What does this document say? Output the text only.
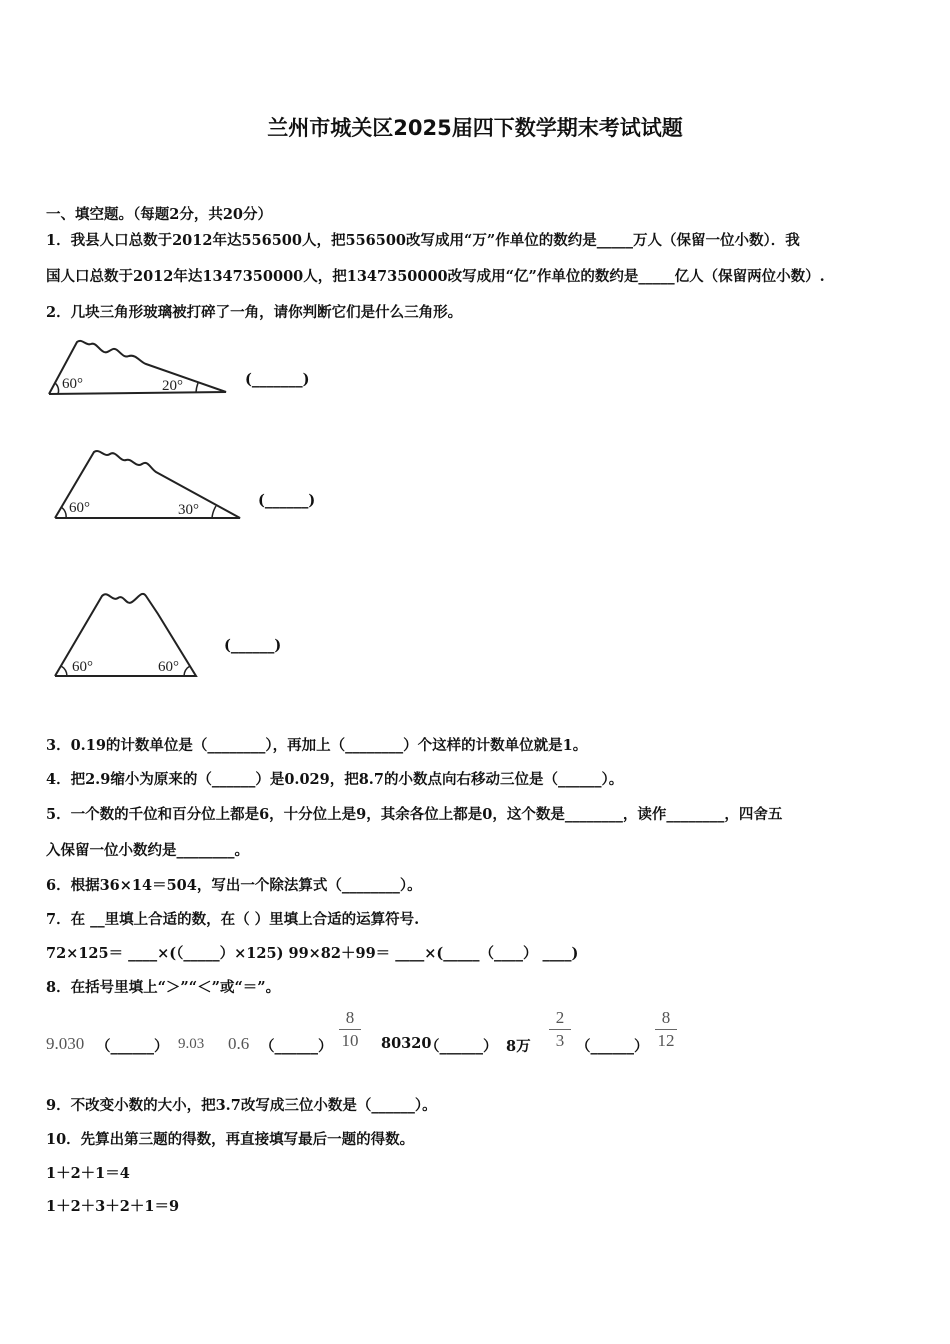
兰州市城关区2025届四下数学期末考试试题
一、填空题。（每题2分，共20分）
1．我县人口总数于2012年达556500人，把556500改写成用“万”作单位的数约是_____万人（保留一位小数）．我
国人口总数于2012年达1347350000人，把1347350000改写成用“亿”作单位的数约是_____亿人（保留两位小数）.
2．几块三角形玻璃被打碎了一角，请你判断它们是什么三角形。
60°	20°	(_______)
60°	30°
(______)
60°	60°
(______)
3．0.19的计数单位是（________），再加上（________）个这样的计数单位就是1。
4．把2.9缩小为原来的（______）是0.029，把8.7的小数点向右移动三位是（______）。
5．一个数的千位和百分位上都是6，十分位上是9，其余各位上都是0，这个数是________，读作________，四舍五
入保留一位小数约是________。
6．根据36×14＝504，写出一个除法算式（________）。
7．在 __里填上合适的数，在（ ）里填上合适的运算符号.
72×125＝ ____×(（_____）×125) 99×82＋99＝ ____×(_____（____） ____)
8．在括号里填上“＞”“＜”或“＝”。
9.030 （______） 9.03 0.6 （______）
8
10	80320
（______） 8万
2
3 （______）
8
12
9．不改变小数的大小，把3.7改写成三位小数是（______）。
10．先算出第三题的得数，再直接填写最后一题的得数。
1＋2＋1＝4
1＋2＋3＋2＋1＝9
